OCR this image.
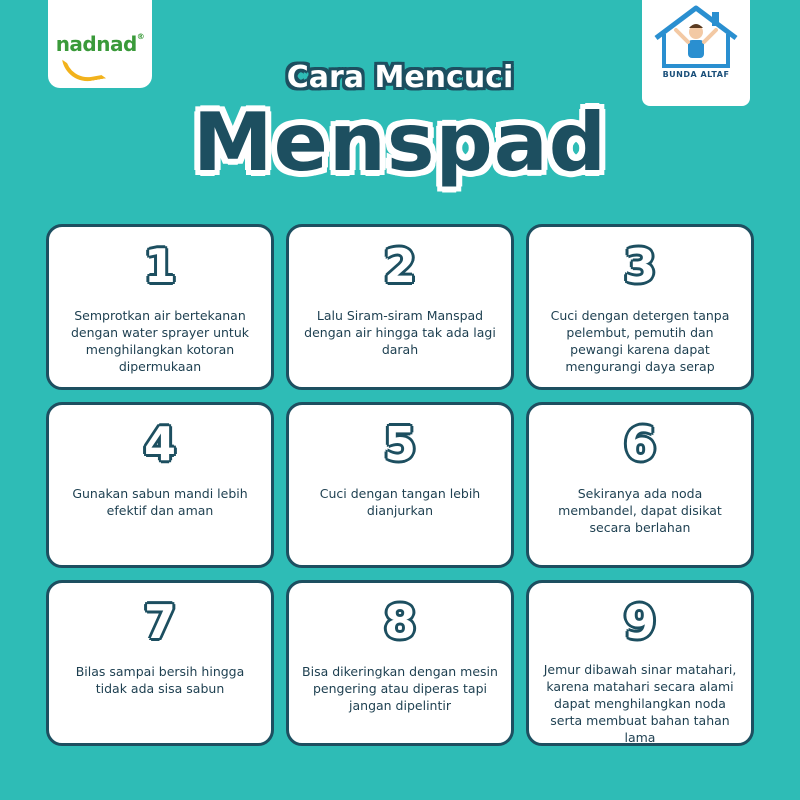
nadnad®
BUNDA ALTAF

Cara Mencuci
Menspad
1
Semprotkan air bertekanan dengan water sprayer untuk menghilangkan kotoran dipermukaan
2
Lalu Siram-siram Manspad dengan air hingga tak ada lagi darah
3
Cuci dengan detergen tanpa pelembut, pemutih dan pewangi karena dapat mengurangi daya serap
4
Gunakan sabun mandi lebih efektif dan aman
5
Cuci dengan tangan lebih dianjurkan
6
Sekiranya ada noda membandel, dapat disikat secara berlahan
7
Bilas sampai bersih hingga tidak ada sisa sabun
8
Bisa dikeringkan dengan mesin pengering atau diperas tapi jangan dipelintir
9
Jemur dibawah sinar matahari, karena matahari secara alami dapat menghilangkan noda serta membuat bahan tahan lama
